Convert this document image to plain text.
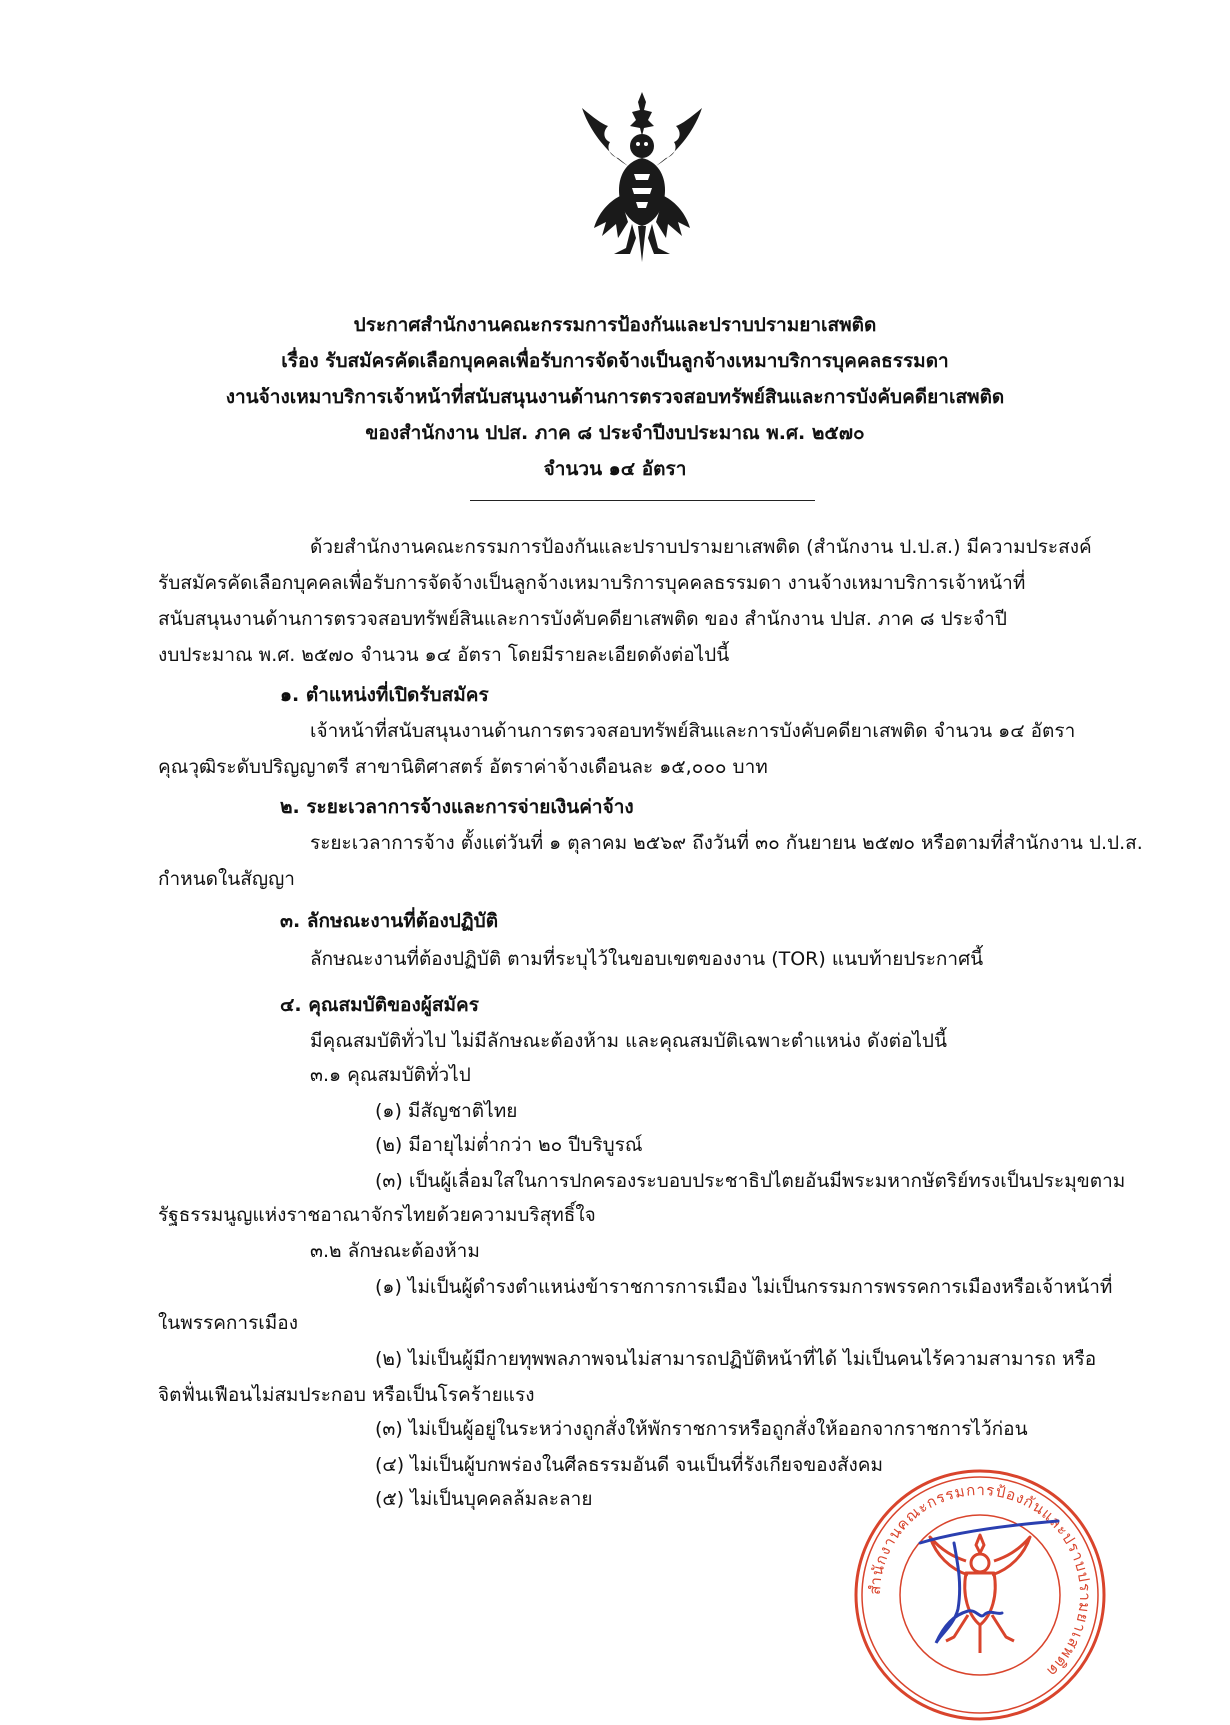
ประกาศสำนักงานคณะกรรมการป้องกันและปราบปรามยาเสพติด
เรื่อง รับสมัครคัดเลือกบุคคลเพื่อรับการจัดจ้างเป็นลูกจ้างเหมาบริการบุคคลธรรมดา
งานจ้างเหมาบริการเจ้าหน้าที่สนับสนุนงานด้านการตรวจสอบทรัพย์สินและการบังคับคดียาเสพติด
ของสำนักงาน ปปส. ภาค ๘ ประจำปีงบประมาณ พ.ศ. ๒๕๗๐
จำนวน ๑๔ อัตรา
ด้วยสำนักงานคณะกรรมการป้องกันและปราบปรามยาเสพติด (สำนักงาน ป.ป.ส.) มีความประสงค์
รับสมัครคัดเลือกบุคคลเพื่อรับการจัดจ้างเป็นลูกจ้างเหมาบริการบุคคลธรรมดา งานจ้างเหมาบริการเจ้าหน้าที่
สนับสนุนงานด้านการตรวจสอบทรัพย์สินและการบังคับคดียาเสพติด ของ สำนักงาน ปปส. ภาค ๘ ประจำปี
งบประมาณ พ.ศ. ๒๕๗๐ จำนวน ๑๔ อัตรา โดยมีรายละเอียดดังต่อไปนี้
๑. ตำแหน่งที่เปิดรับสมัคร
เจ้าหน้าที่สนับสนุนงานด้านการตรวจสอบทรัพย์สินและการบังคับคดียาเสพติด จำนวน ๑๔ อัตรา
คุณวุฒิระดับปริญญาตรี สาขานิติศาสตร์ อัตราค่าจ้างเดือนละ ๑๕,๐๐๐ บาท
๒. ระยะเวลาการจ้างและการจ่ายเงินค่าจ้าง
ระยะเวลาการจ้าง ตั้งแต่วันที่ ๑ ตุลาคม ๒๕๖๙ ถึงวันที่ ๓๐ กันยายน ๒๕๗๐ หรือตามที่สำนักงาน ป.ป.ส.
กำหนดในสัญญา
๓. ลักษณะงานที่ต้องปฏิบัติ
ลักษณะงานที่ต้องปฏิบัติ ตามที่ระบุไว้ในขอบเขตของงาน (TOR) แนบท้ายประกาศนี้
๔. คุณสมบัติของผู้สมัคร
มีคุณสมบัติทั่วไป ไม่มีลักษณะต้องห้าม และคุณสมบัติเฉพาะตำแหน่ง ดังต่อไปนี้
๓.๑ คุณสมบัติทั่วไป
(๑) มีสัญชาติไทย
(๒) มีอายุไม่ต่ำกว่า ๒๐ ปีบริบูรณ์
(๓) เป็นผู้เลื่อมใสในการปกครองระบอบประชาธิปไตยอันมีพระมหากษัตริย์ทรงเป็นประมุขตาม
รัฐธรรมนูญแห่งราชอาณาจักรไทยด้วยความบริสุทธิ์ใจ
๓.๒ ลักษณะต้องห้าม
(๑) ไม่เป็นผู้ดำรงตำแหน่งข้าราชการการเมือง ไม่เป็นกรรมการพรรคการเมืองหรือเจ้าหน้าที่
ในพรรคการเมือง
(๒) ไม่เป็นผู้มีกายทุพพลภาพจนไม่สามารถปฏิบัติหน้าที่ได้ ไม่เป็นคนไร้ความสามารถ หรือ
จิตฟั่นเฟือนไม่สมประกอบ หรือเป็นโรคร้ายแรง
(๓) ไม่เป็นผู้อยู่ในระหว่างถูกสั่งให้พักราชการหรือถูกสั่งให้ออกจากราชการไว้ก่อน
(๔) ไม่เป็นผู้บกพร่องในศีลธรรมอันดี จนเป็นที่รังเกียจของสังคม
(๕) ไม่เป็นบุคคลล้มละลาย
สำนักงานคณะกรรมการป้องกันและปราบปรามยาเสพติด
